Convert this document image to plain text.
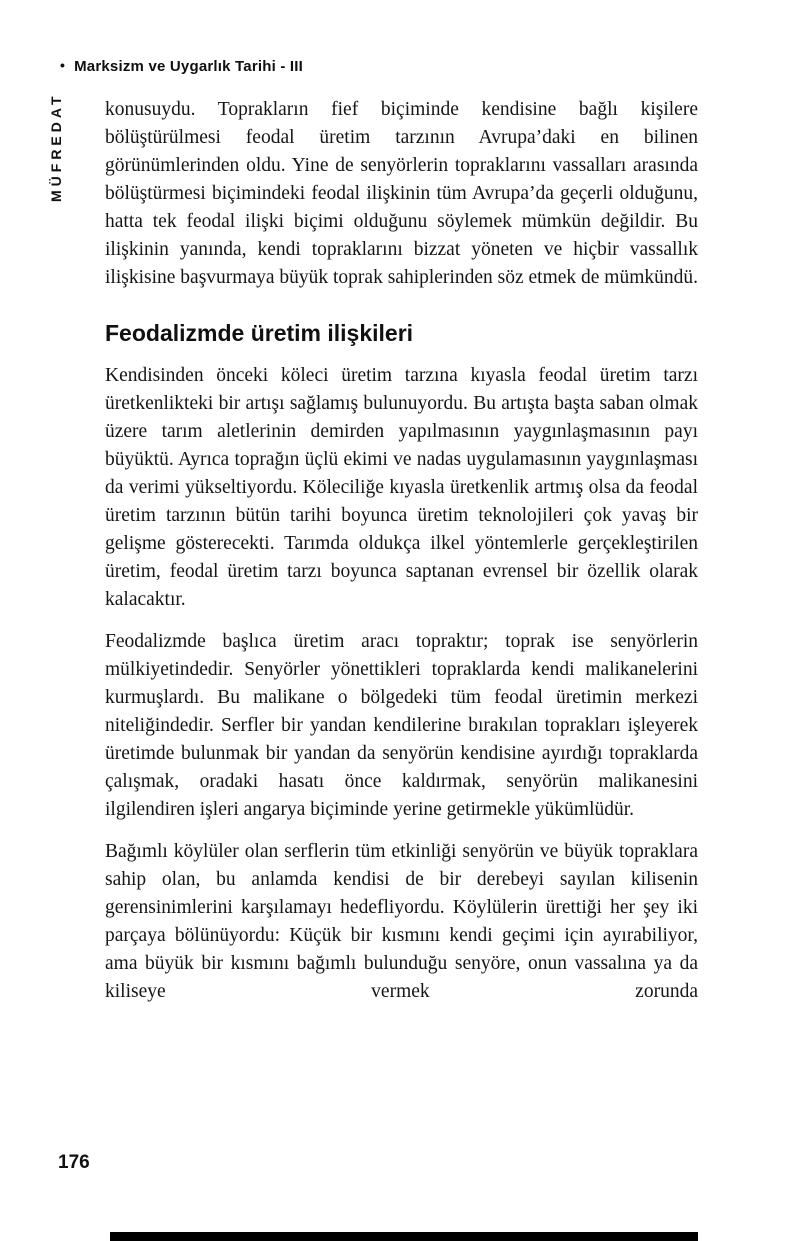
• Marksizm ve Uygarlık Tarihi - III
MÜFREDAT konusuydu. Toprakların fief biçiminde kendisine bağlı kişilere bölüştürülmesi feodal üretim tarzının Avrupa’daki en bilinen görünümlerinden oldu. Yine de senyörlerin topraklarını vassalları arasında bölüştürmesi biçimindeki feodal ilişkinin tüm Avrupa’da geçerli olduğunu, hatta tek feodal ilişki biçimi olduğunu söylemek mümkün değildir. Bu ilişkinin yanında, kendi topraklarını bizzat yöneten ve hiçbir vassallık ilişkisine başvurmaya büyük toprak sahiplerinden söz etmek de mümkündü.

Feodalizmde üretim ilişkileri

Kendisinden önceki köleci üretim tarzına kıyasla feodal üretim tarzı üretkenlikteki bir artışı sağlamış bulunuyordu. Bu artışta başta saban olmak üzere tarım aletlerinin demirden yapılmasının yaygınlaşmasının payı büyüktü. Ayrıca toprağın üçlü ekimi ve nadas uygulamasının yaygınlaşması da verimi yükseltiyordu. Köleciliğe kıyasla üretkenlik artmış olsa da feodal üretim tarzının bütün tarihi boyunca üretim teknolojileri çok yavaş bir gelişme gösterecekti. Tarımda oldukça ilkel yöntemlerle gerçekleştirilen üretim, feodal üretim tarzı boyunca saptanan evrensel bir özellik olarak kalacaktır.

Feodalizmde başlıca üretim aracı topraktır; toprak ise senyörlerin mülkiyetindedir. Senyörler yönettikleri topraklarda kendi malikanelerini kurmuşlardı. Bu malikane o bölgedeki tüm feodal üretimin merkezi niteliğindedir. Serfler bir yandan kendilerine bırakılan toprakları işleyerek üretimde bulunmak bir yandan da senyörün kendisine ayırdığı topraklarda çalışmak, oradaki hasatı önce kaldırmak, senyörün malikanesini ilgilendiren işleri angarya biçiminde yerine getirmekle yükümlüdür.

Bağımlı köylüler olan serflerin tüm etkinliği senyörün ve büyük topraklara sahip olan, bu anlamda kendisi de bir derebeyi sayılan kilisenin gerensinimlerini karşılamayı hedefliyordu. Köylülerin ürettiği her şey iki parçaya bölünüyordu: Küçük bir kısmını kendi geçimi için ayırabiliyor, ama büyük bir kısmını bağımlı bulunduğu senyöre, onun vassalına ya da kiliseye vermek zorunda

176
